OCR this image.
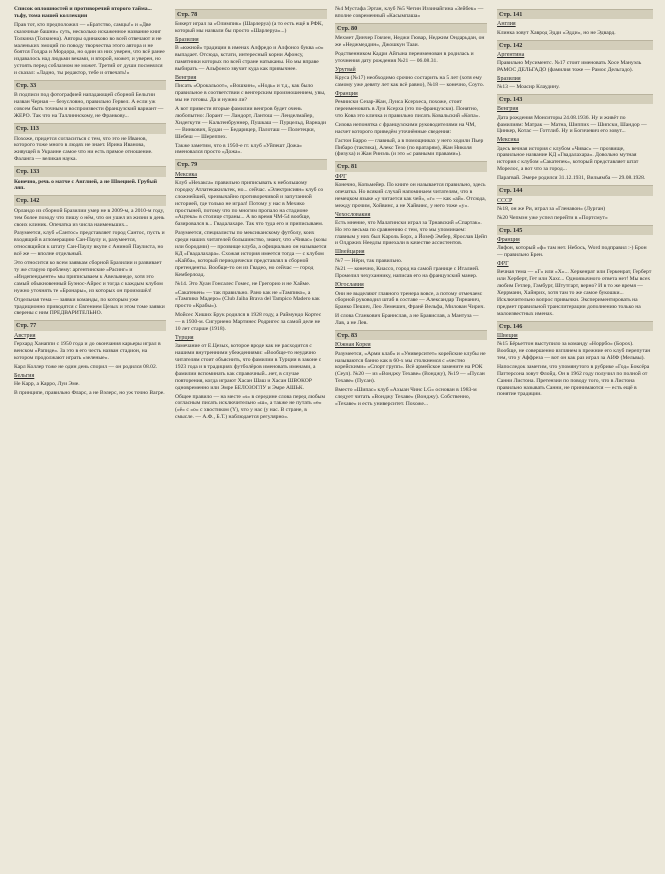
Список оплошностей и противоречий второго тайма... тьфу, тома нашей коллекции

Прав тот, кто предположил — «Братство, самцы!» и «Две сказочные башни» суть, несколько искаженное название книг Толкина (Толкиена). Авторы одинаково во всей отвечают и не маленьких эмоций по поводу творчества этого автора и не боятся Голдра и Мордора, но один из них уверен, что всё ранее издавалось над людьми веками, и второй, может, и уверен, но устоять перед соблазном не может. Третий от души посмеялся и сказал: «Ладно, ты редактор, тебе и отвечать!»

Стр. 33

В подписи под фотографией нападающей сборной Бельгии назван Черная — безусловно, правильно Гервел. А если уж совсем быть точным и воспроизвести французский вариант — ЖЕРО. Так что на Таллиннскому, не Франкову...

Стр. 113

Похоже, придется согласиться с тем, что это не Иванов, которого тоже много в людях не знает. Ирина Иванова, живущей в Украине самое что ни есть прямое отношение. Фаланга — великая наука.

Стр. 133

Конечно, речь о матче с Англией, а не Швецией. Грубый ляп.

Стр. 142

Орландо из сборной Бразилии умер не в 2009-м, а 2010-м году, тем более позоду что пишу о нём, что он ушел из жизни в день своих клиник. Опечатка из числа наименьших...

Разумеется, клуб «Сантос» представляет город Сантос, пусть и входящий в агломерацию Сан-Паулу и, разумеется, относящийся к штату Сан-Паулу вкупе с Аниной Паулиста, но всё же — вполне отдельный.

Это относится ко всем заявкам сборной Бразилии и развивает ту же старую проблему: аргентинские «Расинг» и «Индепендьенте» мы приписываем к Авельянеде, хотя это самый обыкновенный Буэнос-Айрес и тогда с каждым клубом нужно уточнять те «Бронары», из которых он произошёл!

Отдельная тема — заявки команды, по которым уже традиционно приводятся с Евгением Цезых и этом томе заявки сверены с ним ПРЕДВАРИТЕЛЬНО.

Стр. 77
Австрия

Герхард Ханаппи с 1950 года и до окончания карьеры играл в венском «Рапиде». За это в его честь назван стадион, на котором продолжают играть «зеленые».

Карл Коллер тоже не один день спорил — он родился 08.02.

Бельгия

Не Карр, а Карро, Луи Эме.

В принципе, правильно Фларс, а не Вэлерс, но уж точно Вагре.

Стр. 78

Бикерт играл за «Олимпик» (Шарлеруа) (а то есть ещё в РФК, который мы назвали бы просто «Шарлеруа»...)

Бразилия

В «южной» традиции в именах Алфредо и Алфонсо буква «о» выпадает. Отсюда, кстати, интересный корни Афонсу, памятники которых по всей стране натыканы. Но мы вправе выбирать — Альфонсо звучит куда как привычнее.

Венгрия

Писать «Орокальоот», «Вошкин», «Нодь» и т.д., как было правильное в соответствии с венгерским произношением, увы, мы не готовы. Да и нужно ли?

А вот привести вторые фамилии венгров будет очень любопытно: Лорант — Ландорт, Лантош — Ленделмайер, Хидегкути — Кальтенбруннер, Пушкаш — Пурцельд, Варнади — Винкович, Будаи — Бедарицер, Палоташ — Полетецки, Шебеш — Шереппех.

Также заметим, что в 1950-е гг. клуб «Уйпешт Дожа» именовался просто «Дожа».

Стр. 79
Мексика

Клуб «Нехакса» правильно приписывать к небольшому городку Атлатекакильтек, но... сейчас. «Электрисиян» клуб со сложнейшей, чрезвычайно противоречивой и запутанной историей, где только не играл! Потому у нас в Мехико простыней, потому что по многим пропало на стадионе «Ацтека» в столице страны... А во время ЧМ-54 вообще, базировался в... Гвадалахаре. Так что туда его и приписываем.

Разумеется, специалисты по мексиканскому футболу, коих среди наших читателей большинство, знают, что «Чивас» (козы или бородачи) — прозвище клуба, а официально он называется КД «Гвадалахара». Схожая история имеется тогда — с клубом «Кайба», который периодически представлял в сборной претенденты. Вообще-то он из Гвадео, но сейчас — город Кемберлоад.

№14. Это Хуан Гонсалес Гомес, не Грегорио и не Хайме.

«Сакатекен» — так правильно. Рано как не «Тампико», а «Тампико Мадеро» (Club Jaiba Brava del Tampico Madero как просто «Крабы»).

Мойсес Хиших Брук родился в 1928 году, а Раймундо Кортес — в 1930-м. Сигурнено Мартинес Родригес за самой деле не 10 лет старше (1918).

Турция

Замечание от Е.Цезых, которое вроде как не расходится с нашими внутренними убеждениями: «Вообще-то неудачно читателям стоит объяснить, что фамилии в Турции в законе с 1923 года и в традициях футболёров именовать именами, а фамилии вспоминать как справочный...нет, в случае повторения, когда играют Хасан Шаш и Хасан ШВОКОР одновременно или Эмре БЕЛОЗОГЛУ и Эмре АШЬК.

Общее правило — на месте «s» в середине слова перед любым согласным писать исключительно «ш», а также не путать «ө» («ё» с «о» с хвостиком (Y), что у нас (у нас. В стране, в смысле. — А.Ф., Б.Т.) наблюдается регулярно».

№4 Мустафа Эртан, клуб №5 Четин Иззинайгина «Зейбек» — вполне современный «Касымпаша»

Стр. 80

Мехмет Динчер Гокчен, Неджи Гювар, Неджим Ондарьдан, он же «Неджмеддин», Джошкун Тааи.

Родственником Кадри Айгына переименован в родилась и уточнения дату рождения №21 — 06.08.31.

Уругвай

Круса (№17) необходимо срочно состарить на 5 лет (хотя ему самому уже девяту лет как всё равно), №18 — конечно, Соуто.

Франция

Ремииски Сезар-Жан, Луиса Ксерхеса, похоже, стоит переименовать в Луи Ксерха (это по-французски). Понятно, что Кова это кличка и правильно писать Ковальский «Копа».

Сизова непонятка с французскими руководителями на ЧМ, насчет которого приведём уточнённые сведения:

Гастон Барро — главный, а в помощниках у него ходили Пьер Пибаро (тактика), Алекс Тезо (по вратарям), Жан Николя (физуха) и Жан Ринэль (и это «с равными правами»).

Стр. 81
ФРГ

Конечно, Копьмейер. По книге он называется правильно, здесь опечатка. Но всякий случай напоминаем читателям, что в немецком языке «у читается как чей», «г» — как «ай». Отсюда, между прочим, Хойвинс, а не Хайвинс, у него тоже «у».

Чехословакия

Есть мнение, что Малатински играл за Трнавский «Спартак». Но это весьма по сравнению с тем, что мы упоминаем: главным у них был Кароль Борх, а Йозеф Эмбер, Ярослав Цейп и Олдржих Неедлы приехали в качестве ассистентов.

Швейцария

№7 — Нёри, так правильно.

№21 — конечно, Киассо, город на самой границе с Италией. Промелил чехуханнику, написав его на французский манер.

Югославия

Они не выделяют главного тренера вовсе, а потому отмечаем: сборной руководил штаб в составе — Александар Тирнанич, Бранко Пешич, Лео Лемешич, Франё Вельфа, Милован Чирич.

И слова Станкович Браннслав, а не Бравислав, а Мантуза — Лав, а не Лев.

Стр. 83
Южная Корея

Разумеется, «Арми клаб» и «Университет» корейские клубы не называются банно как в 60-х мы столкнемся с «честно корейскими» «Спорт групп». Всё армейское замените на РОК (Сеул). №20 — из «Вонджу Техаве» (Вонджу), №19 — «Пусан Техаве» (Пусан).

Вместо «Шипас» клуб «Ахыан Чинс LG» основан в 1983-м следует читать «Вонджу Техаве» (Вонджу). Собственно, «Техаве» и есть университет. Похоже...

Стр. 141
Англия

Клинка зовут Хаврод Эдди «Эдди», но не Эдвард.

Стр. 142
Аргентина

Правильно Мусиментс. №17 стоит именовать Хосе Мануэль РАМОС ДЕЛЬГАДО (фамилия тоже — Рамос Дельгадо).

Бразилия

№13 — Моасир Клаудину.

Стр. 143
Венгрия

Дата рождения Монситоры 24.08.1936. Ну и живёт по фамилиям: Матрак — Матна, Шиппих — Шипски, Шандор — Цинкер, Котас — Готтлиб. Ну и Богичевич его зовут...

Мексика

Здесь вечная история с клубом «Чивас» — прозвище, правильное название КД «Гвадалахара». Довольно мутная история с клубом «Сакатепек», который представляет штат Морелос, а вот что за город...

Парагвай. Эмере родился 31.12.1931, Вильямба — 29.08.1928.

Стр. 144
СССР

№18, он же Ри, играл за «Гленавон» (Лурган)

№20 Чепмэн уже успел перейти в «Портсмут»

Стр. 145
Франция

Ляфон, который «ф» там нет. Небось, Word подправил :-) Брон — правильно Брен.

ФРГ

Вечная тема — «Г» или «Х»... Херкенрат или Геркенрат, Герберт или Херберт, Гет или Хахс... Одноязычного ответа нет! Мы всех любим Гетлер, Гамбург, Штутгарт, верно? И в то же время — Херрманн, Хайнрих, хотя там то же самое букошки... Исключительно вопрос привычки. Экспериментировать на предмет правильной транслитерации дополнению только на малоизвестных именах.

Стр. 146
Швеция

№15 Бёрьеттон выступило за команду «Норрбо» (Борох). Вообще, не совершенно взглянем в прежние его клуб перепутан тем, что у Аффреза — вот он как раз играл за АИФ (Мельвы).

Напоследок заметим, что упомянутого в рубрике «Год» Боксёра Паттерсона зовут Флойд. Он в 1962 году получил по полной от Санни Листона. Претензии по поводу того, что в Листона правильно называть Санни, не принимаются — есть ещё в понятие традиции.
